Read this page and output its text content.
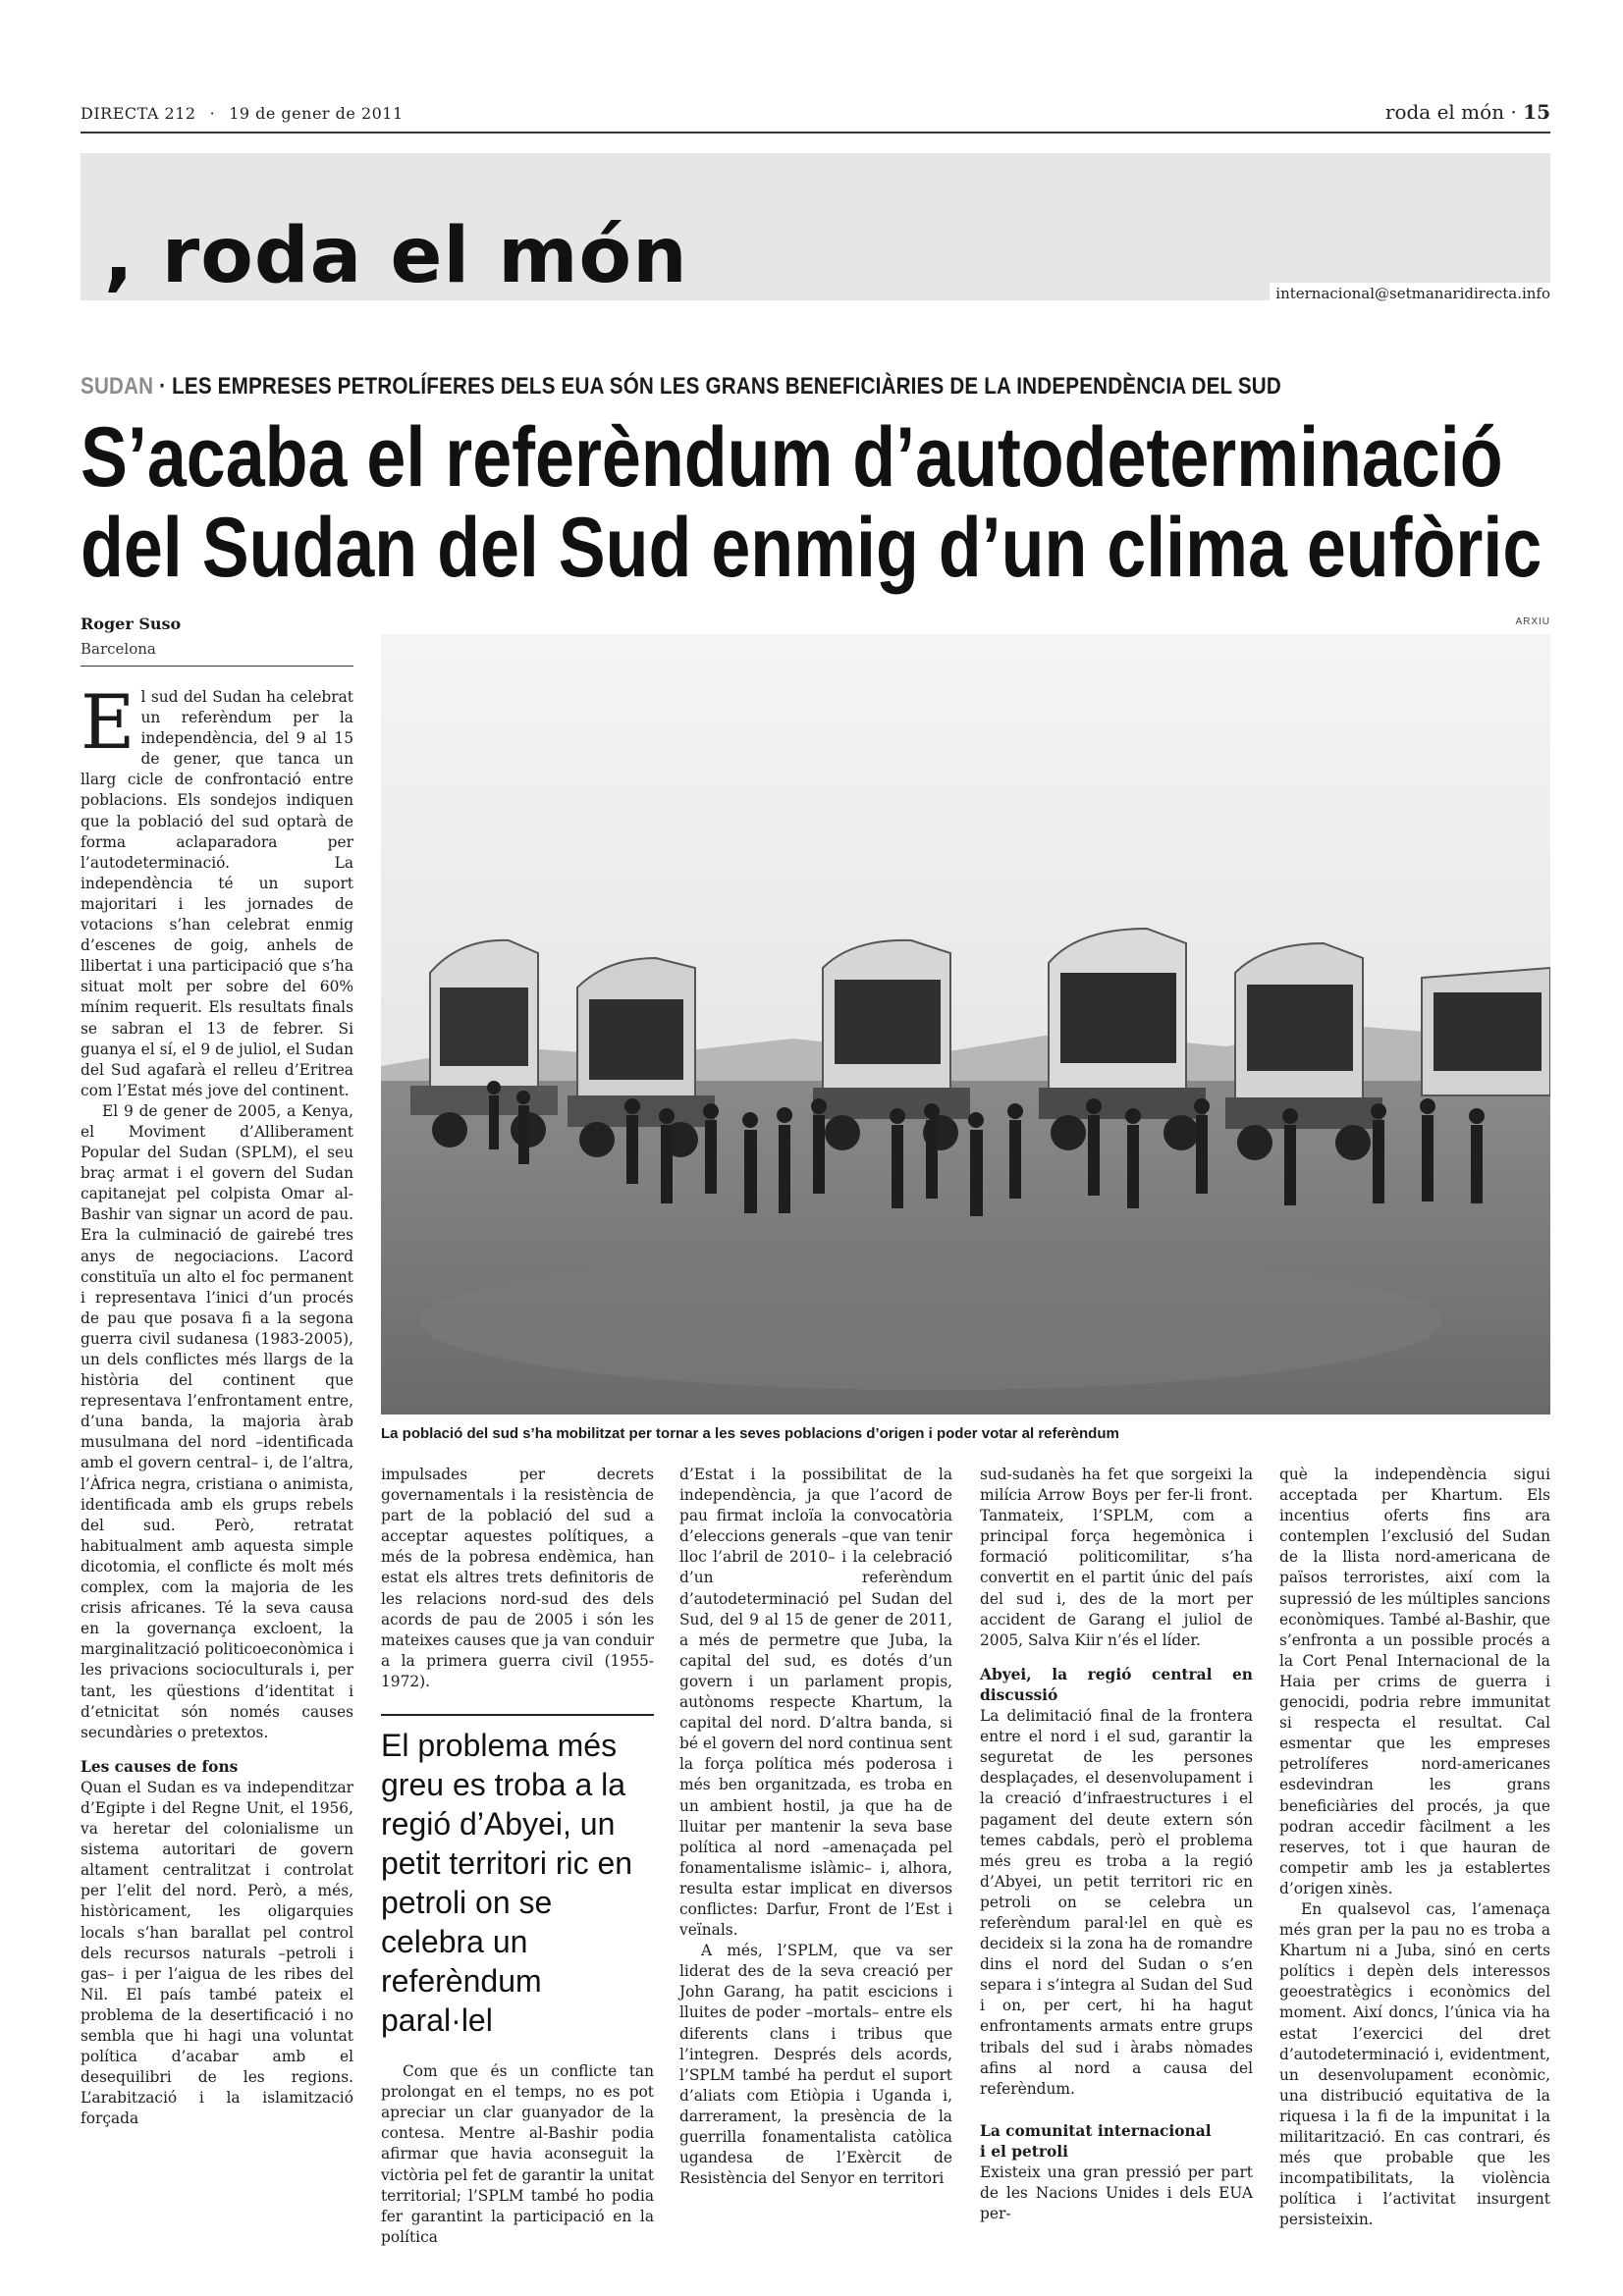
DIRECTA 212 · 19 de gener de 2011	roda el món · 15
, roda el món	internacional@setmanaridirecta.info
SUDAN · LES EMPRESES PETROLÍFERES DELS EUA SÓN LES GRANS BENEFICIÀRIES DE LA INDEPENDÈNCIA DEL SUD
S’acaba el referèndum d’autodeterminació
del Sudan del Sud enmig d’un clima eufòric
Roger Suso
Barcelona
ARXIU
La població del sud s’ha mobilitzat per tornar a les seves poblacions d’origen i poder votar al referèndum

El sud del Sudan ha celebrat un referèndum per la independència, del 9 al 15 de gener, que tanca un llarg cicle de confrontació entre poblacions. Els sondejos indiquen que la població del sud optarà de forma aclaparadora per l’autodeterminació. La independència té un suport majoritari i les jornades de votacions s’han celebrat enmig d’escenes de goig, anhels de llibertat i una participació que s’ha situat molt per sobre del 60% mínim requerit. Els resultats finals se sabran el 13 de febrer. Si guanya el sí, el 9 de juliol, el Sudan del Sud agafarà el relleu d’Eritrea com l’Estat més jove del continent.

El 9 de gener de 2005, a Kenya, el Moviment d’Alliberament Popular del Sudan (SPLM), el seu braç armat i el govern del Sudan capitanejat pel colpista Omar al-Bashir van signar un acord de pau. Era la culminació de gairebé tres anys de negociacions. L’acord constituïa un alto el foc permanent i representava l’inici d’un procés de pau que posava fi a la segona guerra civil sudanesa (1983-2005), un dels conflictes més llargs de la història del continent que representava l’enfrontament entre, d’una banda, la majoria àrab musulmana del nord –identificada amb el govern central– i, de l’altra, l’Àfrica negra, cristiana o animista, identificada amb els grups rebels del sud. Però, retratat habitualment amb aquesta simple dicotomia, el conflicte és molt més complex, com la majoria de les crisis africanes. Té la seva causa en la governança excloent, la marginalització politicoeconòmica i les privacions socioculturals i, per tant, les qüestions d’identitat i d’etnicitat són només causes secundàries o pretextos.

Les causes de fons

Quan el Sudan es va independitzar d’Egipte i del Regne Unit, el 1956, va heretar del colonialisme un sistema autoritari de govern altament centralitzat i controlat per l’elit del nord. Però, a més, històricament, les oligarquies locals s’han barallat pel control dels recursos naturals –petroli i gas– i per l’aigua de les ribes del Nil. El país també pateix el problema de la desertificació i no sembla que hi hagi una voluntat política d’acabar amb el desequilibri de les regions. L’arabització i la islamització forçada

impulsades per decrets governamentals i la resistència de part de la població del sud a acceptar aquestes polítiques, a més de la pobresa endèmica, han estat els altres trets definitoris de les relacions nord-sud des dels acords de pau de 2005 i són les mateixes causes que ja van conduir a la primera guerra civil (1955-1972).

El problema més greu es troba a la regió d’Abyei, un petit territori ric en petroli on se celebra un referèndum paral·lel

Com que és un conflicte tan prolongat en el temps, no es pot apreciar un clar guanyador de la contesa. Mentre al-Bashir podia afirmar que havia aconseguit la victòria pel fet de garantir la unitat territorial; l’SPLM també ho podia fer garantint la participació en la política

d’Estat i la possibilitat de la independència, ja que l’acord de pau firmat incloïa la convocatòria d’eleccions generals –que van tenir lloc l’abril de 2010– i la celebració d’un referèndum d’autodeterminació pel Sudan del Sud, del 9 al 15 de gener de 2011, a més de permetre que Juba, la capital del sud, es dotés d’un govern i un parlament propis, autònoms respecte Khartum, la capital del nord. D’altra banda, si bé el govern del nord continua sent la força política més poderosa i més ben organitzada, es troba en un ambient hostil, ja que ha de lluitar per mantenir la seva base política al nord –amenaçada pel fonamentalisme islàmic– i, alhora, resulta estar implicat en diversos conflictes: Darfur, Front de l’Est i veïnals.

A més, l’SPLM, que va ser liderat des de la seva creació per John Garang, ha patit escicions i lluites de poder –mortals– entre els diferents clans i tribus que l’integren. Després dels acords, l’SPLM també ha perdut el suport d’aliats com Etiòpia i Uganda i, darrerament, la presència de la guerrilla fonamentalista catòlica ugandesa de l’Exèrcit de Resistència del Senyor en territori

sud-sudanès ha fet que sorgeixi la milícia Arrow Boys per fer-li front. Tanmateix, l’SPLM, com a principal força hegemònica i formació politicomilitar, s’ha convertit en el partit únic del país del sud i, des de la mort per accident de Garang el juliol de 2005, Salva Kiir n’és el líder.

Abyei, la regió central en discussió

La delimitació final de la frontera entre el nord i el sud, garantir la seguretat de les persones desplaçades, el desenvolupament i la creació d’infraestructures i el pagament del deute extern són temes cabdals, però el problema més greu es troba a la regió d’Abyei, un petit territori ric en petroli on se celebra un referèndum paral·lel en què es decideix si la zona ha de romandre dins el nord del Sudan o s’en separa i s’integra al Sudan del Sud i on, per cert, hi ha hagut enfrontaments armats entre grups tribals del sud i àrabs nòmades afins al nord a causa del referèndum.

La comunitat internacional
i el petroli

Existeix una gran pressió per part de les Nacions Unides i dels EUA per-

què la independència sigui acceptada per Khartum. Els incentius oferts fins ara contemplen l’exclusió del Sudan de la llista nord-americana de països terroristes, així com la supressió de les múltiples sancions econòmiques. També al-Bashir, que s’enfronta a un possible procés a la Cort Penal Internacional de la Haia per crims de guerra i genocidi, podria rebre immunitat si respecta el resultat. Cal esmentar que les empreses petrolíferes nord-americanes esdevindran les grans beneficiàries del procés, ja que podran accedir fàcilment a les reserves, tot i que hauran de competir amb les ja establertes d’origen xinès.

En qualsevol cas, l’amenaça més gran per la pau no es troba a Khartum ni a Juba, sinó en certs polítics i depèn dels interessos geoestratègics i econòmics del moment. Així doncs, l’única via ha estat l’exercici del dret d’autodeterminació i, evidentment, un desenvolupament econòmic, una distribució equitativa de la riquesa i la fi de la impunitat i la militarització. En cas contrari, és més que probable que les incompatibilitats, la violència política i l’activitat insurgent persisteixin.
